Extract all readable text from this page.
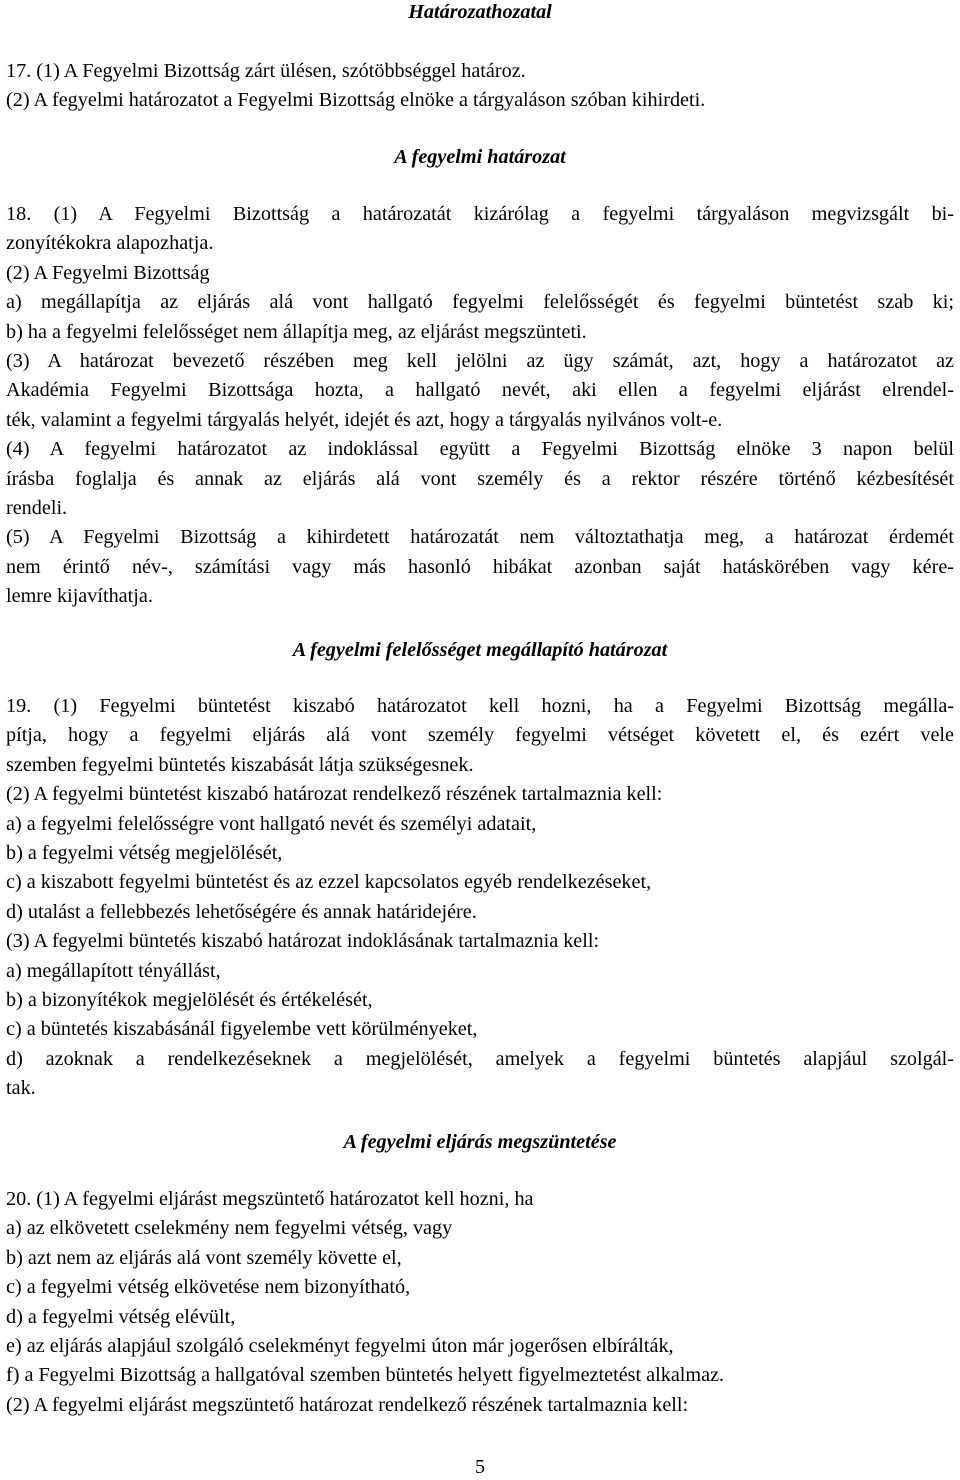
Határozathozatal

17. (1) A Fegyelmi Bizottság zárt ülésen, szótöbbséggel határoz.

(2) A fegyelmi határozatot a Fegyelmi Bizottság elnöke a tárgyaláson szóban kihirdeti.

A fegyelmi határozat

18. (1) A Fegyelmi Bizottság a határozatát kizárólag a fegyelmi tárgyaláson megvizsgált bi-

zonyítékokra alapozhatja.

(2) A Fegyelmi Bizottság

a) megállapítja az eljárás alá vont hallgató fegyelmi felelősségét és fegyelmi büntetést szab ki;

b) ha a fegyelmi felelősséget nem állapítja meg, az eljárást megszünteti.

(3) A határozat bevezető részében meg kell jelölni az ügy számát, azt, hogy a határozatot az

Akadémia Fegyelmi Bizottsága hozta, a hallgató nevét, aki ellen a fegyelmi eljárást elrendel-

ték, valamint a fegyelmi tárgyalás helyét, idejét és azt, hogy a tárgyalás nyilvános volt-e.

(4) A fegyelmi határozatot az indoklással együtt a Fegyelmi Bizottság elnöke 3 napon belül

írásba foglalja és annak az eljárás alá vont személy és a rektor részére történő kézbesítését

rendeli.

(5) A Fegyelmi Bizottság a kihirdetett határozatát nem változtathatja meg, a határozat érdemét

nem érintő név-, számítási vagy más hasonló hibákat azonban saját hatáskörében vagy kére-

lemre kijavíthatja.

A fegyelmi felelősséget megállapító határozat

19. (1) Fegyelmi büntetést kiszabó határozatot kell hozni, ha a Fegyelmi Bizottság megálla-

pítja, hogy a fegyelmi eljárás alá vont személy fegyelmi vétséget követett el, és ezért vele

szemben fegyelmi büntetés kiszabását látja szükségesnek.

(2) A fegyelmi büntetést kiszabó határozat rendelkező részének tartalmaznia kell:

a) a fegyelmi felelősségre vont hallgató nevét és személyi adatait,

b) a fegyelmi vétség megjelölését,

c) a kiszabott fegyelmi büntetést és az ezzel kapcsolatos egyéb rendelkezéseket,

d) utalást a fellebbezés lehetőségére és annak határidejére.

(3) A fegyelmi büntetés kiszabó határozat indoklásának tartalmaznia kell:

a) megállapított tényállást,

b) a bizonyítékok megjelölését és értékelését,

c) a büntetés kiszabásánál figyelembe vett körülményeket,

d) azoknak a rendelkezéseknek a megjelölését, amelyek a fegyelmi büntetés alapjául szolgál-

tak.

A fegyelmi eljárás megszüntetése

20. (1) A fegyelmi eljárást megszüntető határozatot kell hozni, ha

a) az elkövetett cselekmény nem fegyelmi vétség, vagy

b) azt nem az eljárás alá vont személy követte el,

c) a fegyelmi vétség elkövetése nem bizonyítható,

d) a fegyelmi vétség elévült,

e) az eljárás alapjául szolgáló cselekményt fegyelmi úton már jogerősen elbírálták,

f) a Fegyelmi Bizottság a hallgatóval szemben büntetés helyett figyelmeztetést alkalmaz.

(2) A fegyelmi eljárást megszüntető határozat rendelkező részének tartalmaznia kell:

5
